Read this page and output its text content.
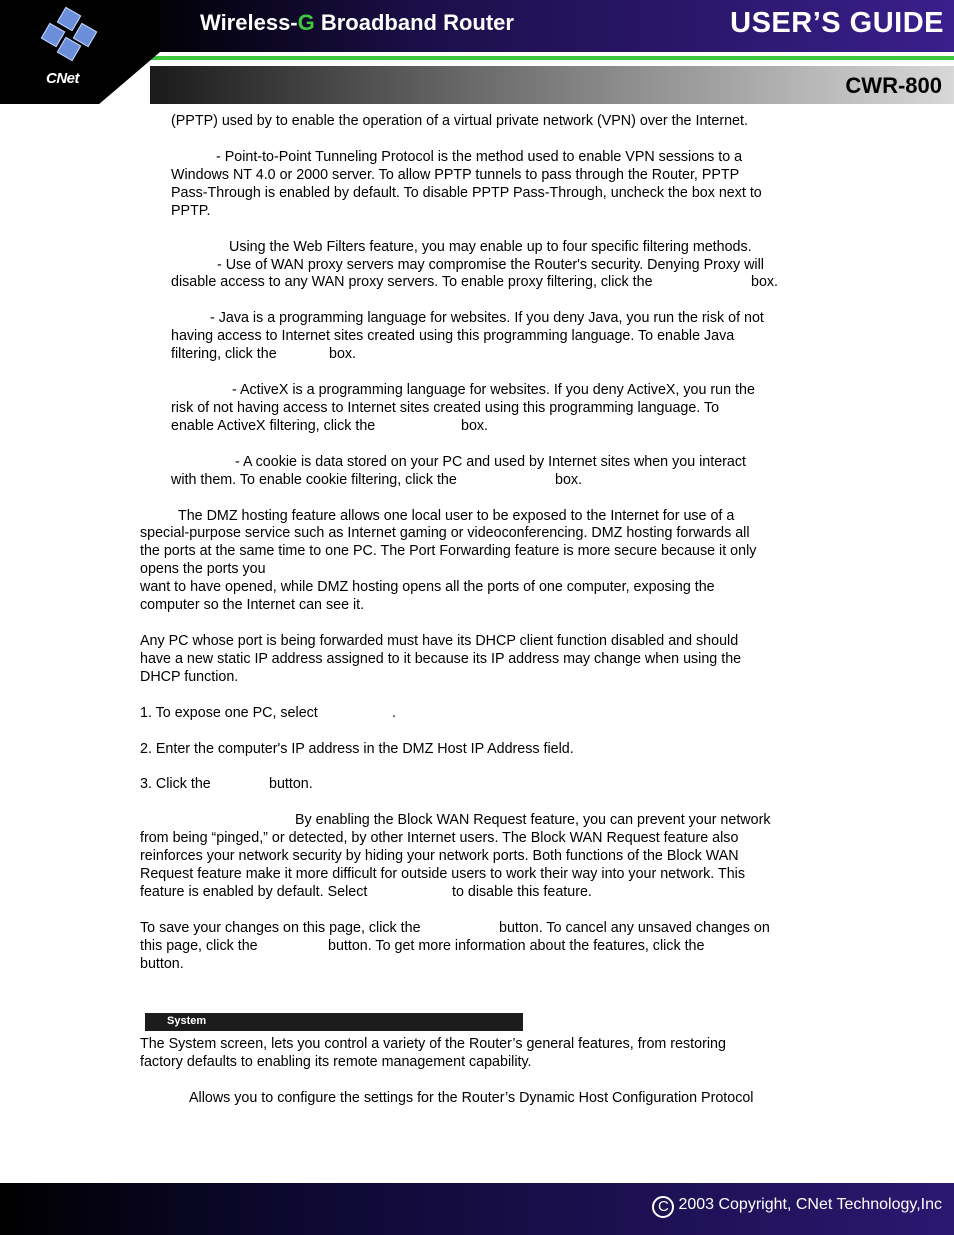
CNet
Wireless-G Broadband Router	USER’S GUIDE
CWR-800
(PPTP) used by to enable the operation of a virtual private network (VPN) over the Internet.
- Point-to-Point Tunneling Protocol is the method used to enable VPN sessions to a
Windows NT 4.0 or 2000 server. To allow PPTP tunnels to pass through the Router, PPTP
Pass-Through is enabled by default. To disable PPTP Pass-Through, uncheck the box next to
PPTP.
Using the Web Filters feature, you may enable up to four specific filtering methods.
- Use of WAN proxy servers may compromise the Router's security. Denying Proxy will
disable access to any WAN proxy servers. To enable proxy filtering, click the	box.
- Java is a programming language for websites. If you deny Java, you run the risk of not
having access to Internet sites created using this programming language. To enable Java
filtering, click the	box.
- ActiveX is a programming language for websites. If you deny ActiveX, you run the
risk of not having access to Internet sites created using this programming language. To
enable ActiveX filtering, click the	box.
- A cookie is data stored on your PC and used by Internet sites when you interact
with them. To enable cookie filtering, click the	box.
The DMZ hosting feature allows one local user to be exposed to the Internet for use of a
special-purpose service such as Internet gaming or videoconferencing. DMZ hosting forwards all
the ports at the same time to one PC. The Port Forwarding feature is more secure because it only
opens the ports you
want to have opened, while DMZ hosting opens all the ports of one computer, exposing the
computer so the Internet can see it.
Any PC whose port is being forwarded must have its DHCP client function disabled and should
have a new static IP address assigned to it because its IP address may change when using the
DHCP function.
1. To expose one PC, select	.
2. Enter the computer's IP address in the DMZ Host IP Address field.
3. Click the	button.
By enabling the Block WAN Request feature, you can prevent your network
from being “pinged,” or detected, by other Internet users. The Block WAN Request feature also
reinforces your network security by hiding your network ports. Both functions of the Block WAN
Request feature make it more difficult for outside users to work their way into your network. This
feature is enabled by default. Select	to disable this feature.
To save your changes on this page, click the	button. To cancel any unsaved changes on
this page, click the	button. To get more information about the features, click the
button.
System
The System screen, lets you control a variety of the Router’s general features, from restoring
factory defaults to enabling its remote management capability.
Allows you to configure the settings for the Router’s Dynamic Host Configuration Protocol
C 2003 Copyright, CNet Technology,Inc
